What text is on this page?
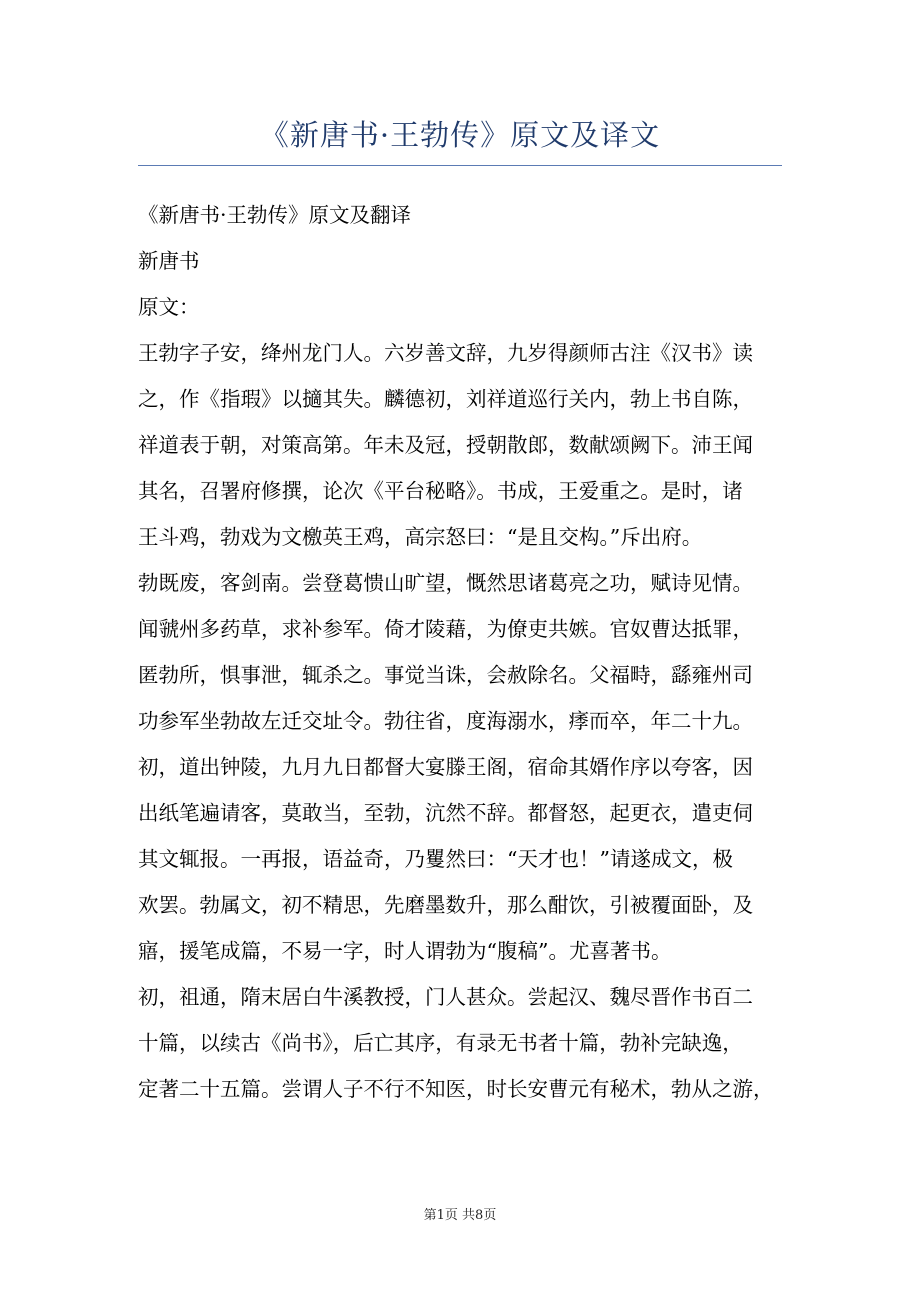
《新唐书·王勃传》原文及译文

《新唐书·王勃传》原文及翻译

新唐书

原文：

王勃字子安，绛州龙门人。六岁善文辞，九岁得颜师古注《汉书》读
之，作《指瑕》以擿其失。麟德初，刘祥道巡行关内，勃上书自陈，
祥道表于朝，对策高第。年未及冠，授朝散郎，数献颂阙下。沛王闻
其名，召署府修撰，论次《平台秘略》。书成，王爱重之。是时，诸
王斗鸡，勃戏为文檄英王鸡，高宗怒曰：“是且交构。”斥出府。

勃既废，客剑南。尝登葛愦山旷望，慨然思诸葛亮之功，赋诗见情。
闻虢州多药草，求补参军。倚才陵藉，为僚吏共嫉。官奴曹达抵罪，
匿勃所，惧事泄，辄杀之。事觉当诛，会赦除名。父福畤，繇雍州司
功参军坐勃故左迁交址令。勃往省，度海溺水，痵而卒，年二十九。

初，道出钟陵，九月九日都督大宴滕王阁，宿命其婿作序以夸客，因
出纸笔遍请客，莫敢当，至勃，沆然不辞。都督怒，起更衣，遣吏伺
其文辄报。一再报，语益奇，乃矍然曰：“天才也！”请遂成文，极
欢罢。勃属文，初不精思，先磨墨数升，那么酣饮，引被覆面卧，及
寤，援笔成篇，不易一字，时人谓勃为“腹稿”。尤喜著书。

初，祖通，隋末居白牛溪教授，门人甚众。尝起汉、魏尽晋作书百二
十篇，以续古《尚书》，后亡其序，有录无书者十篇，勃补完缺逸，
定著二十五篇。尝谓人子不行不知医，时长安曹元有秘术，勃从之游，

第1页 共8页
